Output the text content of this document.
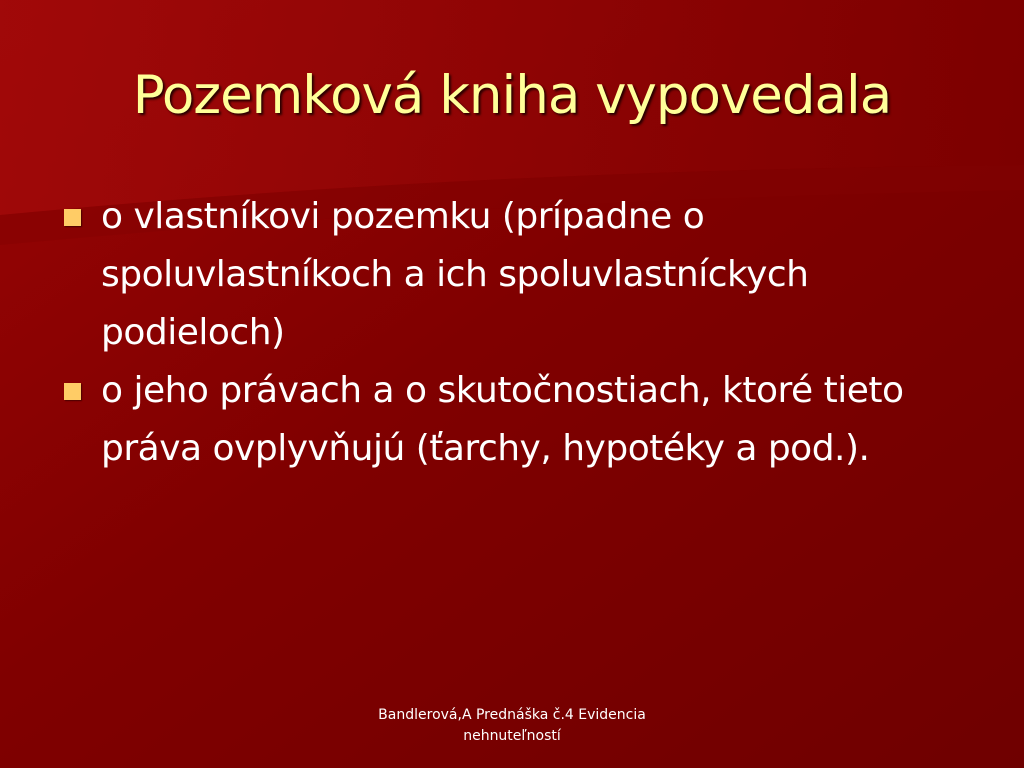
Pozemková kniha vypovedala
o vlastníkovi pozemku (prípadne o spoluvlastníkoch a ich spoluvlastníckych podieloch)
o jeho právach a o skutočnostiach, ktoré tieto práva ovplyvňujú (ťarchy, hypotéky a pod.).
Bandlerová,A Prednáška č.4 Evidencia nehnuteľností
